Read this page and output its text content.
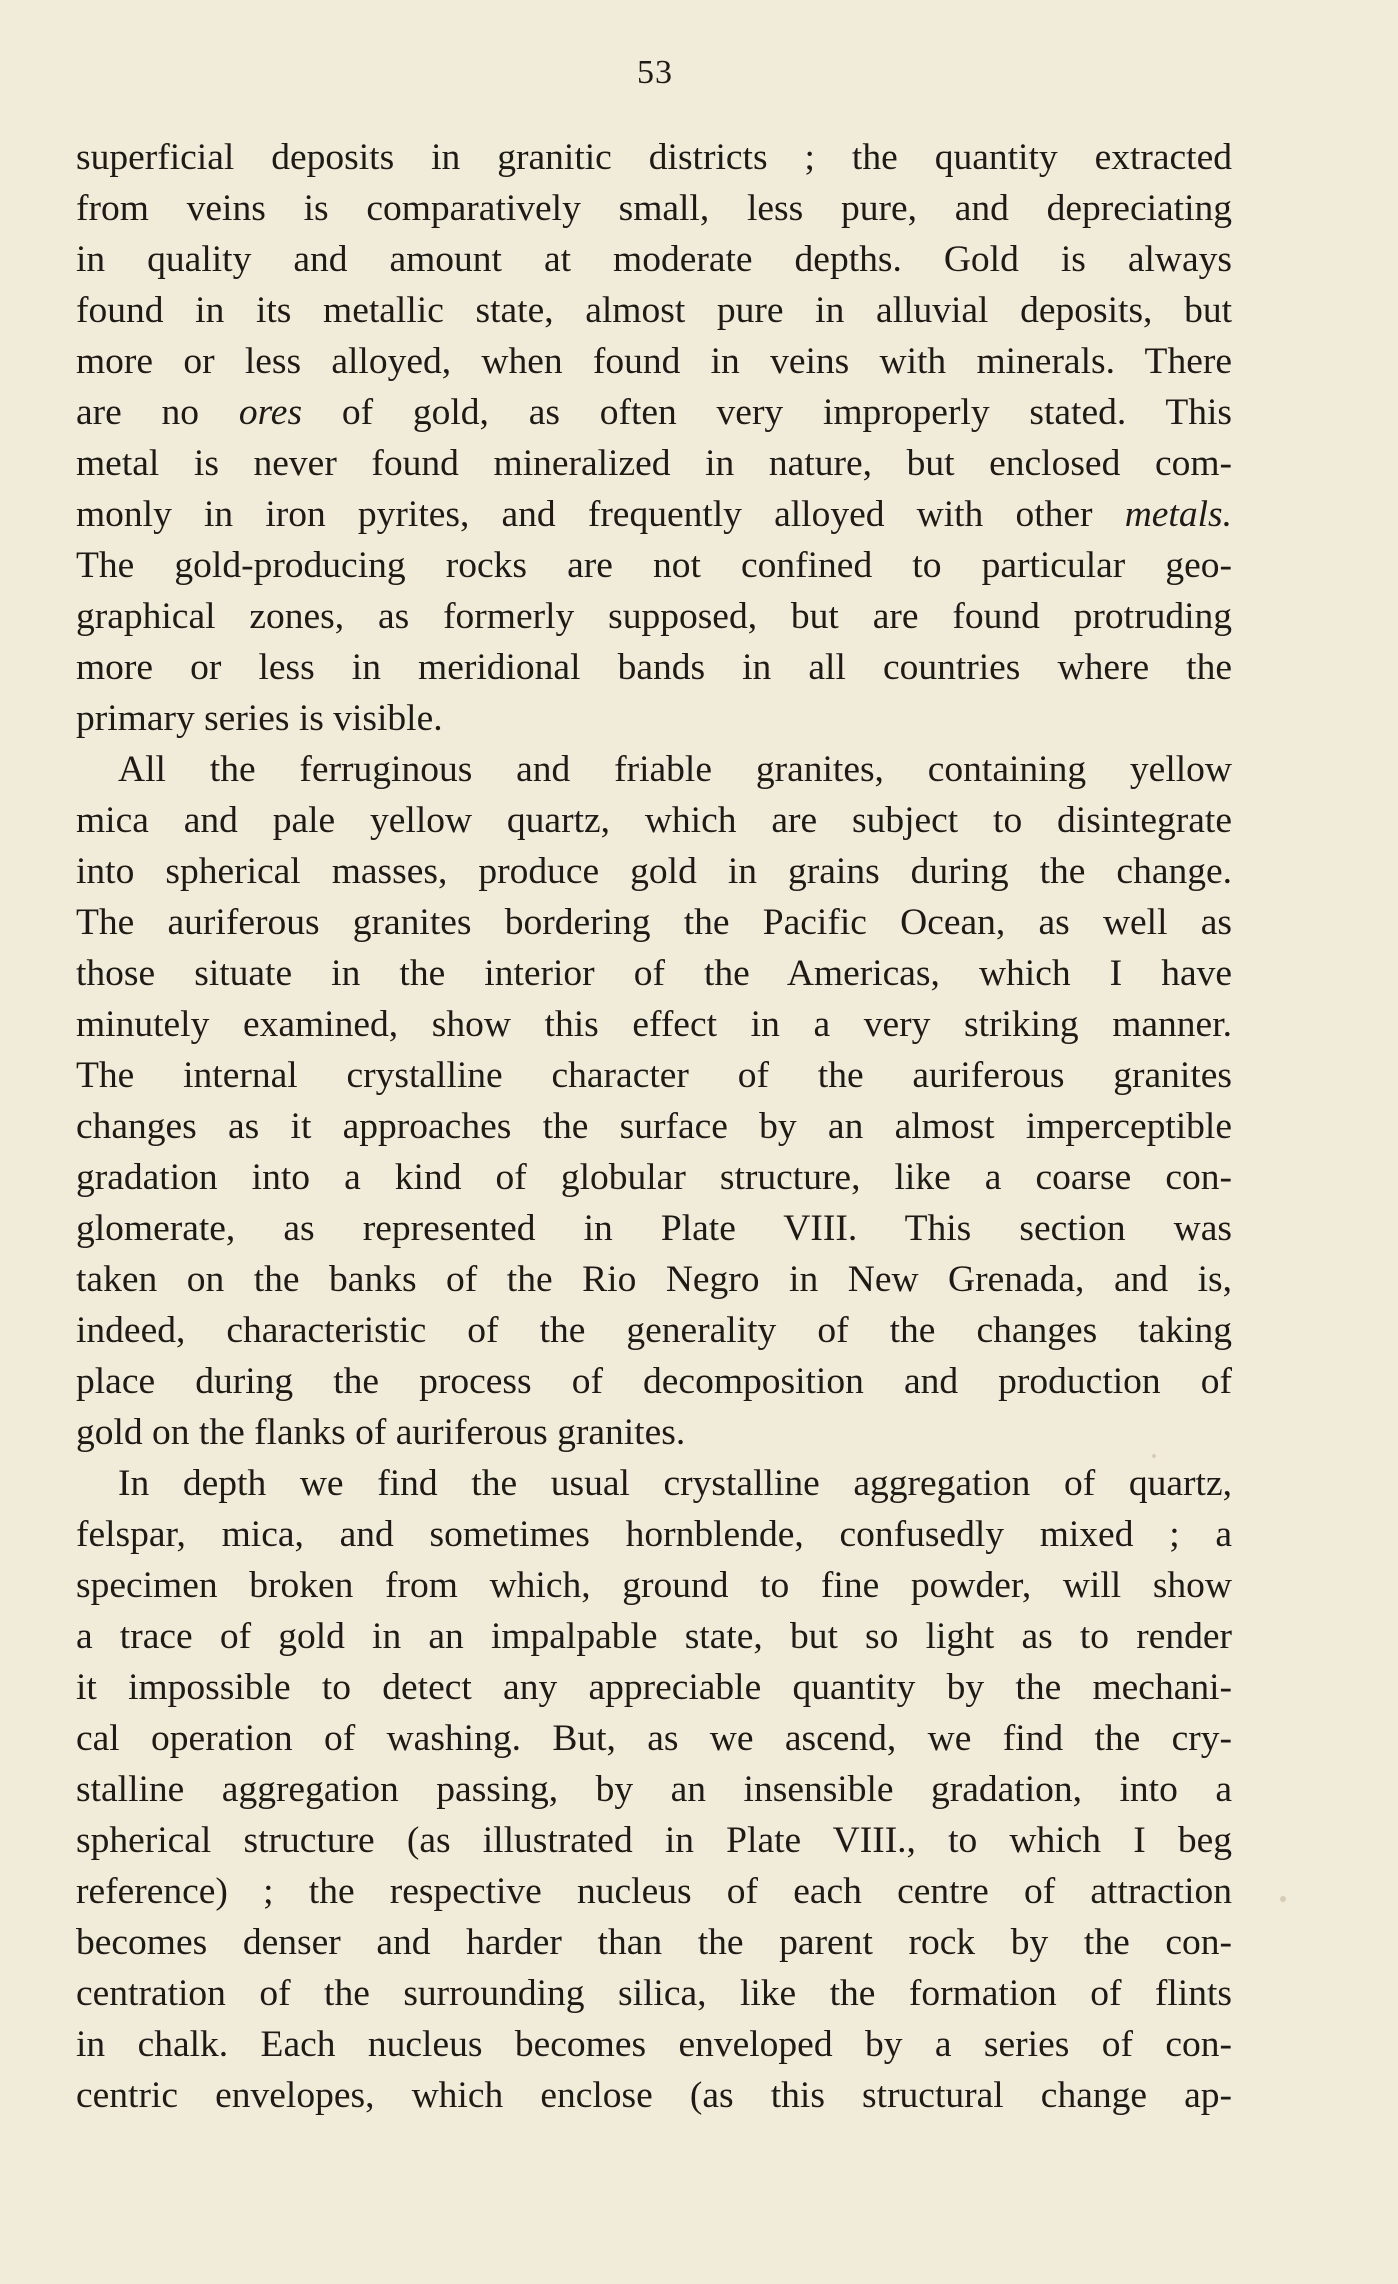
53
superficial deposits in granitic districts ; the quantity extracted
from veins is comparatively small, less pure, and depreciating
in quality and amount at moderate depths. Gold is always
found in its metallic state, almost pure in alluvial deposits, but
more or less alloyed, when found in veins with minerals. There
are no ores of gold, as often very improperly stated. This
metal is never found mineralized in nature, but enclosed com-
monly in iron pyrites, and frequently alloyed with other metals.
The gold-producing rocks are not confined to particular geo-
graphical zones, as formerly supposed, but are found protruding
more or less in meridional bands in all countries where the
primary series is visible.
All the ferruginous and friable granites, containing yellow
mica and pale yellow quartz, which are subject to disintegrate
into spherical masses, produce gold in grains during the change.
The auriferous granites bordering the Pacific Ocean, as well as
those situate in the interior of the Americas, which I have
minutely examined, show this effect in a very striking manner.
The internal crystalline character of the auriferous granites
changes as it approaches the surface by an almost imperceptible
gradation into a kind of globular structure, like a coarse con-
glomerate, as represented in Plate VIII. This section was
taken on the banks of the Rio Negro in New Grenada, and is,
indeed, characteristic of the generality of the changes taking
place during the process of decomposition and production of
gold on the flanks of auriferous granites.
In depth we find the usual crystalline aggregation of quartz,
felspar, mica, and sometimes hornblende, confusedly mixed ; a
specimen broken from which, ground to fine powder, will show
a trace of gold in an impalpable state, but so light as to render
it impossible to detect any appreciable quantity by the mechani-
cal operation of washing. But, as we ascend, we find the cry-
stalline aggregation passing, by an insensible gradation, into a
spherical structure (as illustrated in Plate VIII., to which I beg
reference) ; the respective nucleus of each centre of attraction
becomes denser and harder than the parent rock by the con-
centration of the surrounding silica, like the formation of flints
in chalk. Each nucleus becomes enveloped by a series of con-
centric envelopes, which enclose (as this structural change ap-
